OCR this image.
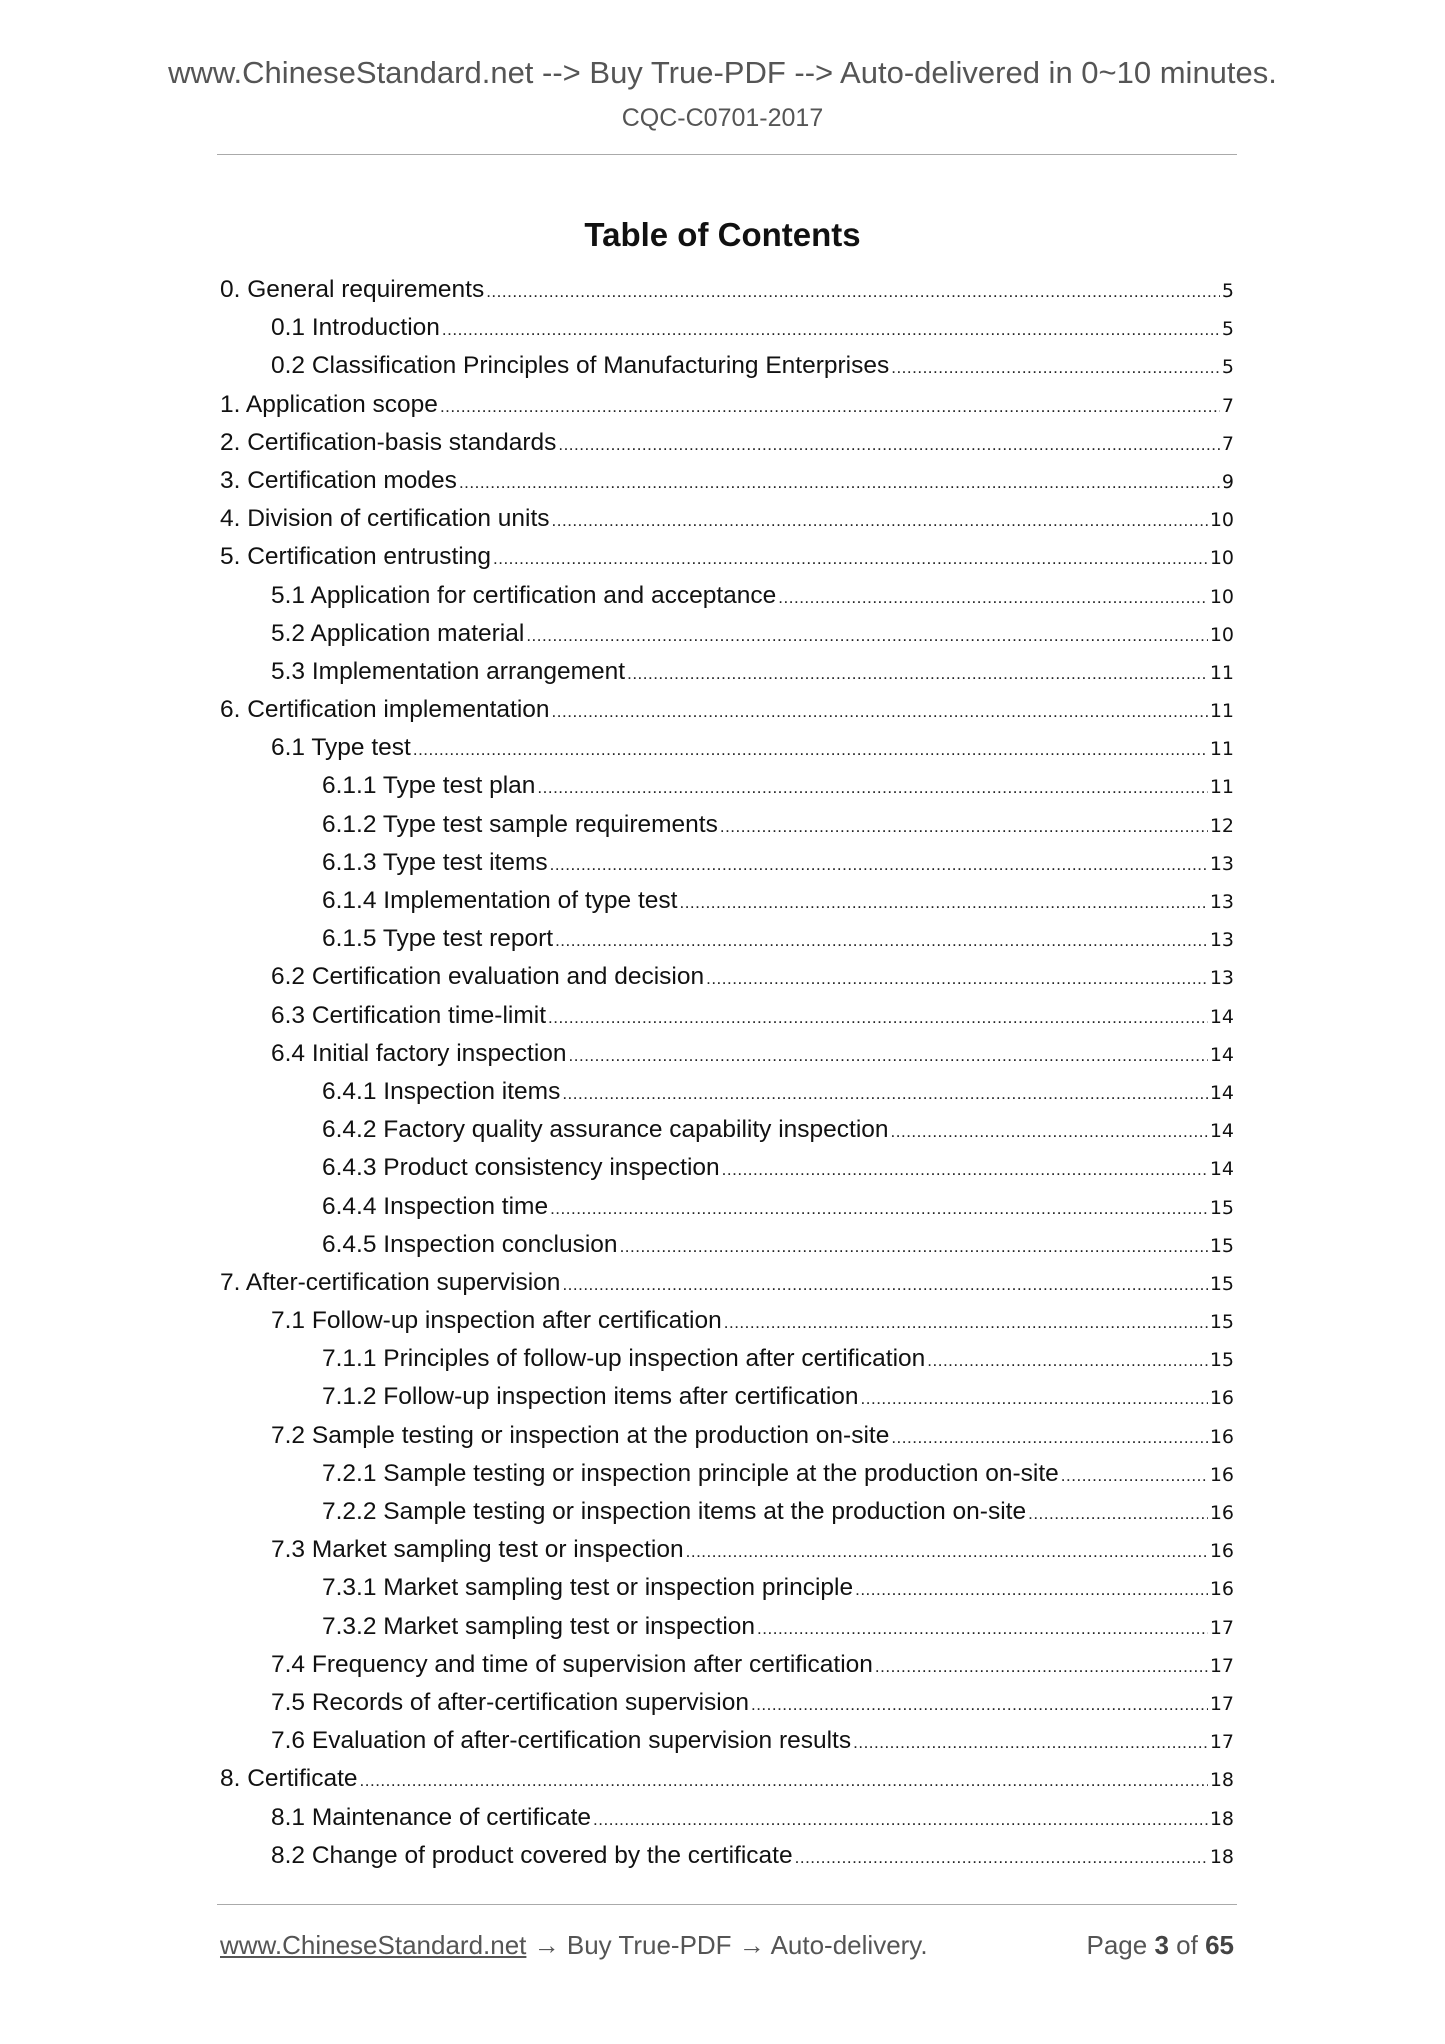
www.ChineseStandard.net --> Buy True-PDF --> Auto-delivered in 0~10 minutes.
CQC-C0701-2017
Table of Contents
0. General requirements .....	5
0.1 Introduction .....	5
0.2 Classification Principles of Manufacturing Enterprises .....	5
1. Application scope .....	7
2. Certification-basis standards .....	7
3. Certification modes .....	9
4. Division of certification units .....	10
5. Certification entrusting .....	10
5.1 Application for certification and acceptance .....	10
5.2 Application material .....	10
5.3 Implementation arrangement .....	11
6. Certification implementation .....	11
6.1 Type test .....	11
6.1.1 Type test plan .....	11
6.1.2 Type test sample requirements .....	12
6.1.3 Type test items .....	13
6.1.4 Implementation of type test .....	13
6.1.5 Type test report .....	13
6.2 Certification evaluation and decision .....	13
6.3 Certification time-limit .....	14
6.4 Initial factory inspection .....	14
6.4.1 Inspection items .....	14
6.4.2 Factory quality assurance capability inspection .....	14
6.4.3 Product consistency inspection .....	14
6.4.4 Inspection time .....	15
6.4.5 Inspection conclusion .....	15
7. After-certification supervision .....	15
7.1 Follow-up inspection after certification .....	15
7.1.1 Principles of follow-up inspection after certification .....	15
7.1.2 Follow-up inspection items after certification .....	16
7.2 Sample testing or inspection at the production on-site .....	16
7.2.1 Sample testing or inspection principle at the production on-site .....	16
7.2.2 Sample testing or inspection items at the production on-site .....	16
7.3 Market sampling test or inspection .....	16
7.3.1 Market sampling test or inspection principle .....	16
7.3.2 Market sampling test or inspection .....	17
7.4 Frequency and time of supervision after certification .....	17
7.5 Records of after-certification supervision .....	17
7.6 Evaluation of after-certification supervision results .....	17
8. Certificate .....	18
8.1 Maintenance of certificate .....	18
8.2 Change of product covered by the certificate .....	18
www.ChineseStandard.net → Buy True-PDF → Auto-delivery.	Page 3 of 65
